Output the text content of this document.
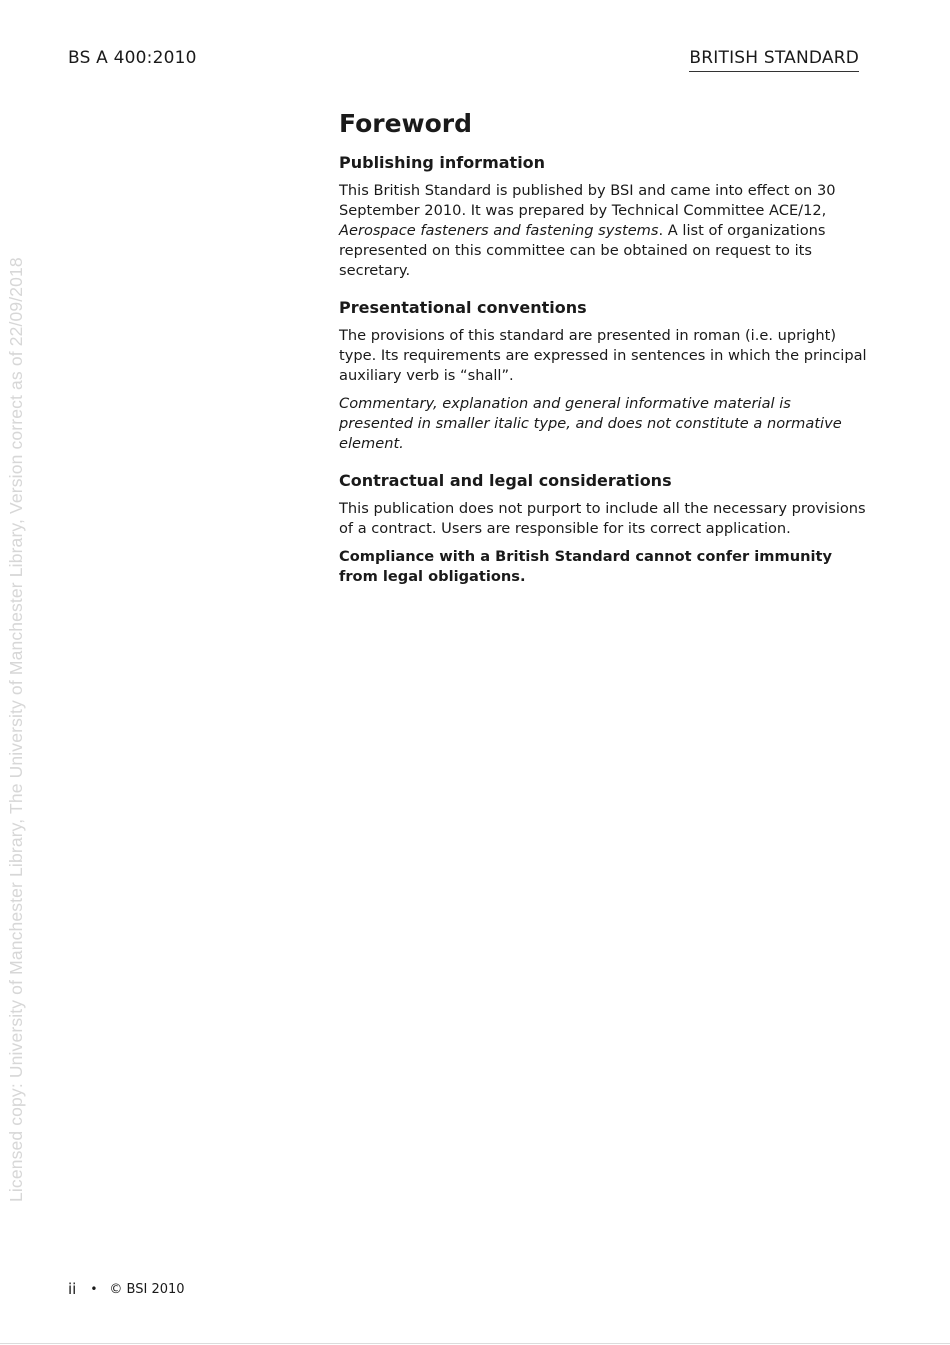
BS A 400:2010	BRITISH STANDARD
Licensed copy: University of Manchester Library, The University of Manchester Library, Version correct as of 22/09/2018
Foreword
Publishing information

This British Standard is published by BSI and came into effect on 30 September 2010. It was prepared by Technical Committee ACE/12, Aerospace fasteners and fastening systems. A list of organizations represented on this committee can be obtained on request to its secretary.

Presentational conventions

The provisions of this standard are presented in roman (i.e. upright) type. Its requirements are expressed in sentences in which the principal auxiliary verb is “shall”.

Commentary, explanation and general informative material is presented in smaller italic type, and does not constitute a normative element.

Contractual and legal considerations

This publication does not purport to include all the necessary provisions of a contract. Users are responsible for its correct application.

Compliance with a British Standard cannot confer immunity from legal obligations.

ii • © BSI 2010
